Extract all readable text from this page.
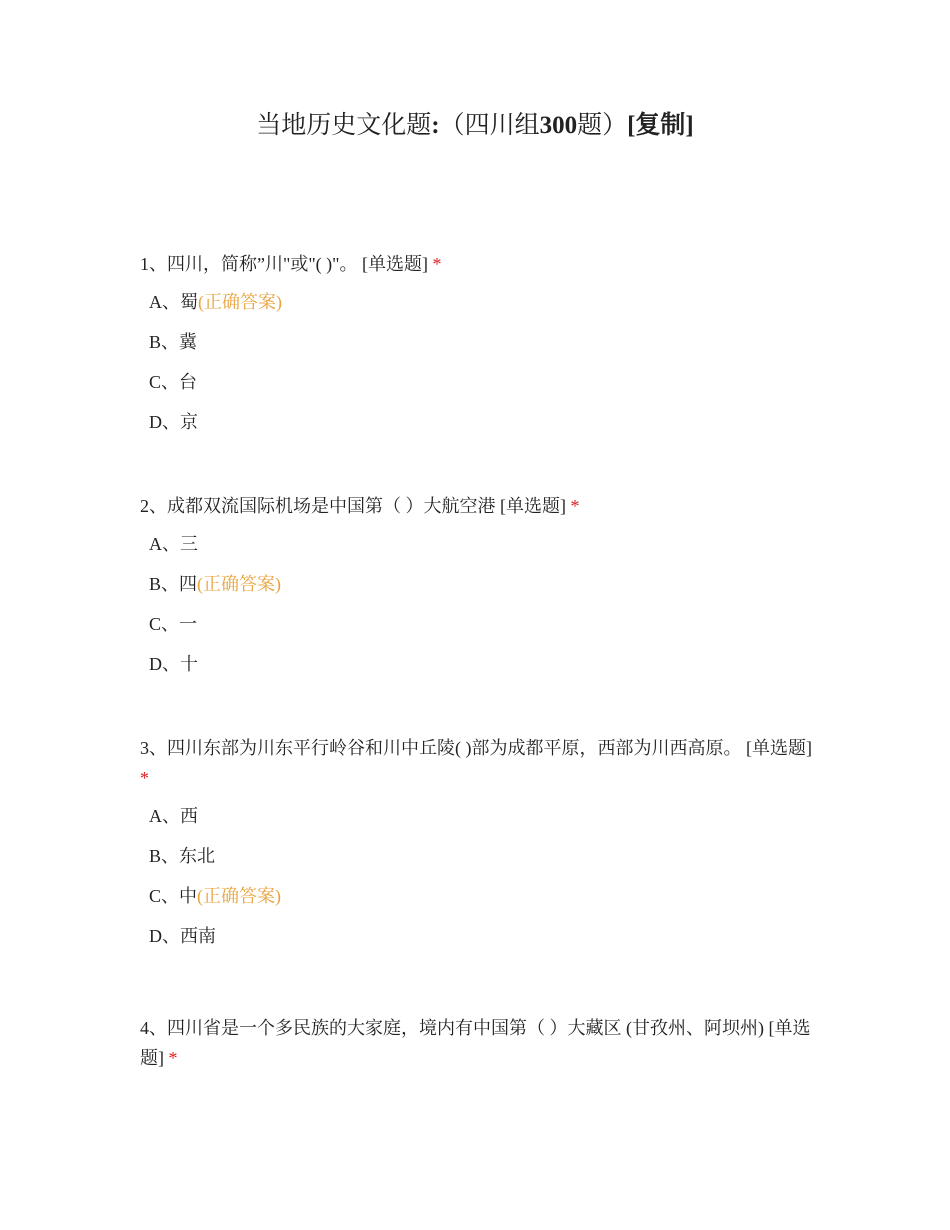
当地历史文化题:（四川组300题）[复制]

1、四川，简称”川"或"( )"。 [单选题] *

A、蜀(正确答案)
B、冀
C、台
D、京

2、成都双流国际机场是中国第（ ）大航空港 [单选题] *

A、三
B、四(正确答案)
C、一
D、十

3、四川东部为川东平行岭谷和川中丘陵( )部为成都平原，西部为川西高原。 [单选题] *

A、西
B、东北
C、中(正确答案)
D、西南

4、四川省是一个多民族的大家庭，境内有中国第（ ）大藏区 (甘孜州、阿坝州) [单选题] *
